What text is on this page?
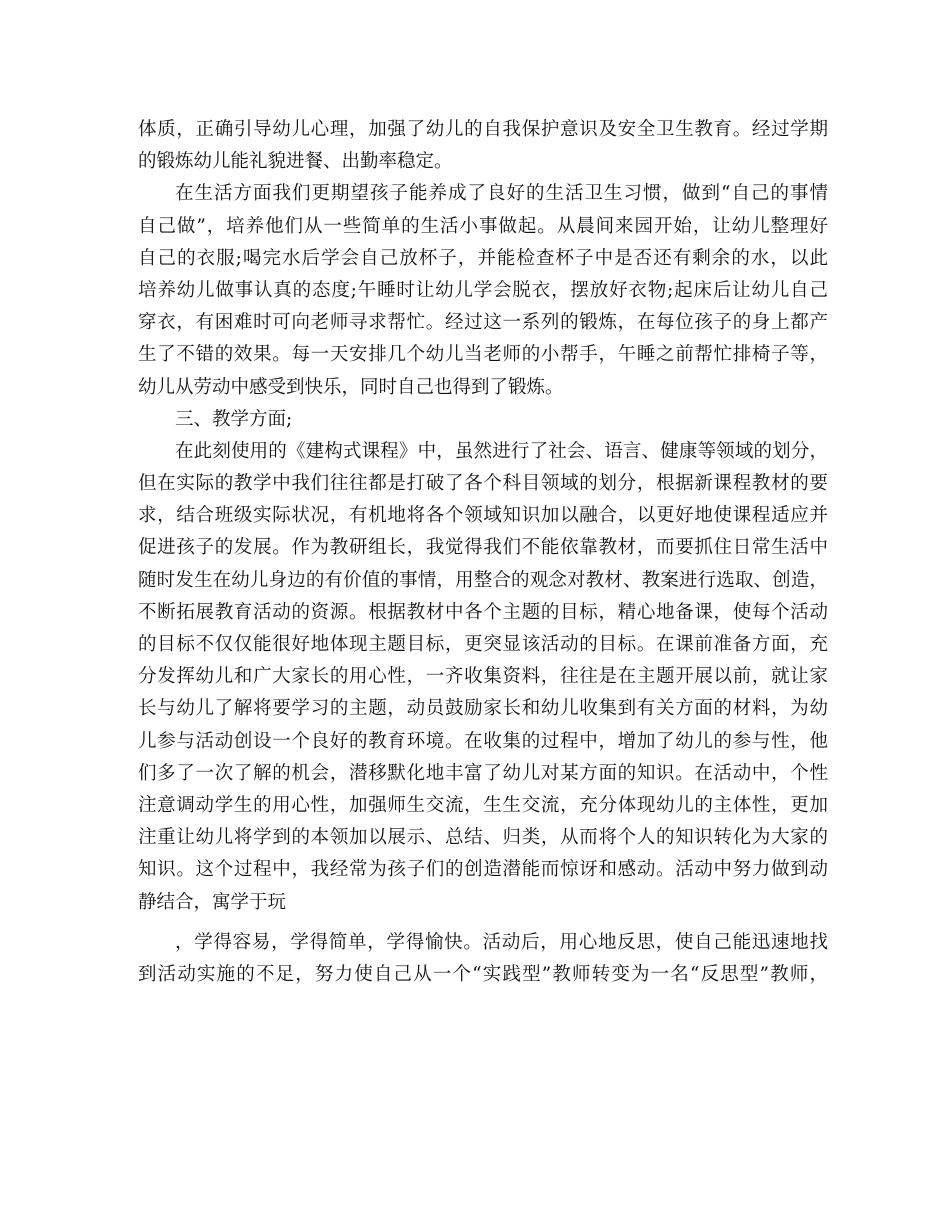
体质，正确引导幼儿心理，加强了幼儿的自我保护意识及安全卫生教育。经过学期
的锻炼幼儿能礼貌进餐、出勤率稳定。
在生活方面我们更期望孩子能养成了良好的生活卫生习惯，做到“自己的事情
自己做”，培养他们从一些简单的生活小事做起。从晨间来园开始，让幼儿整理好
自己的衣服;喝完水后学会自己放杯子，并能检查杯子中是否还有剩余的水，以此
培养幼儿做事认真的态度;午睡时让幼儿学会脱衣，摆放好衣物;起床后让幼儿自己
穿衣，有困难时可向老师寻求帮忙。经过这一系列的锻炼，在每位孩子的身上都产
生了不错的效果。每一天安排几个幼儿当老师的小帮手，午睡之前帮忙排椅子等，
幼儿从劳动中感受到快乐，同时自己也得到了锻炼。
三、教学方面;
在此刻使用的《建构式课程》中，虽然进行了社会、语言、健康等领域的划分，
但在实际的教学中我们往往都是打破了各个科目领域的划分，根据新课程教材的要
求，结合班级实际状况，有机地将各个领域知识加以融合，以更好地使课程适应并
促进孩子的发展。作为教研组长，我觉得我们不能依靠教材，而要抓住日常生活中
随时发生在幼儿身边的有价值的事情，用整合的观念对教材、教案进行选取、创造，
不断拓展教育活动的资源。根据教材中各个主题的目标，精心地备课，使每个活动
的目标不仅仅能很好地体现主题目标，更突显该活动的目标。在课前准备方面，充
分发挥幼儿和广大家长的用心性，一齐收集资料，往往是在主题开展以前，就让家
长与幼儿了解将要学习的主题，动员鼓励家长和幼儿收集到有关方面的材料，为幼
儿参与活动创设一个良好的教育环境。在收集的过程中，增加了幼儿的参与性，他
们多了一次了解的机会，潜移默化地丰富了幼儿对某方面的知识。在活动中，个性
注意调动学生的用心性，加强师生交流，生生交流，充分体现幼儿的主体性，更加
注重让幼儿将学到的本领加以展示、总结、归类，从而将个人的知识转化为大家的
知识。这个过程中，我经常为孩子们的创造潜能而惊讶和感动。活动中努力做到动
静结合，寓学于玩
，学得容易，学得简单，学得愉快。活动后，用心地反思，使自己能迅速地找
到活动实施的不足，努力使自己从一个“实践型”教师转变为一名“反思型”教师，
